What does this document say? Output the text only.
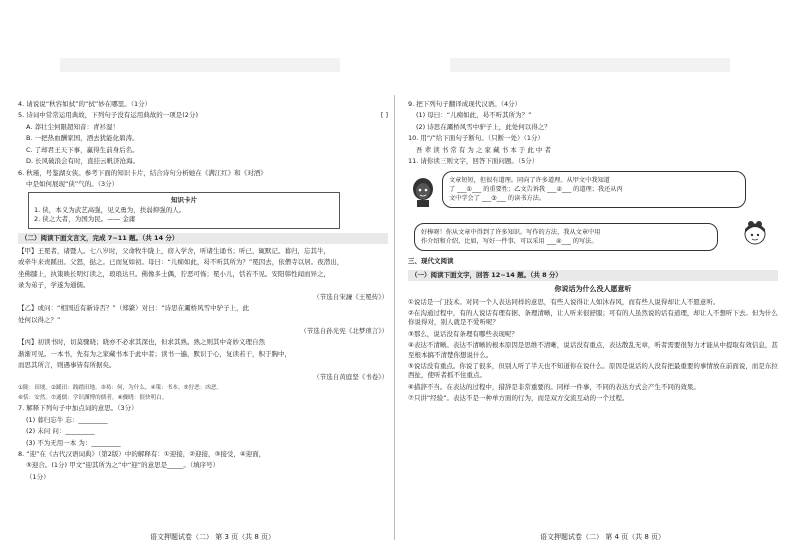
4. 请说说“秋容如拭”的“拭”妙在哪里。（1分）
5. 诗词中常常运用典故，下列句子没有运用典故的一项是(2分)	[ ]
A. 莽壮尘何限超知音：青衫湿！
B. 一把热血酬家国，洒去犹能化碧涛。
C. 了却君王天下事，赢得生前身后名。
D. 长风破浪会有时，直挂云帆济沧海。
6. 秋瑾，号鉴湖女侠。参考下面的知识卡片，结合诗句分析她在《满江红》和《对酒》
中是如何展现“侠”气的。（3分）
知识卡片
1. 侠，本义为武艺高强，见义勇为，扶弱抑强的人。
2. 侠之大者，为国为民。—— 金庸
（二）阅读下面文言文，完成 7~11 题。（共 14 分）
【甲】王冕者，诸暨人。七八岁时，父命牧牛陇上，窃入学舍，听诸生诵书；听已，辄默记。暮归，忘其牛，
或牵牛来责蹊田。父怒，挞之。已而复如初。母曰：“儿痴如此，曷不听其所为？”冕因去，依僧寺以居。夜潜出，
坐佛膝上，执策映长明灯读之，琅琅达旦。佛像多土偶，狞恶可怖；冕小儿，恬若不见。安阳韩性闻而异之，
录为弟子，学遂为通儒。
（节选自宋濂《王冕传》）
【乙】或问：“相国近有新诗否？”（郑綮）对曰：“诗思在灞桥风雪中驴子上，此
处何以得之？”
（节选自孙光宪《北梦琐言》）
【丙】初读书时，切莫骤晓；晓亦不必求其深也，但求其熟。熟之则其中奇妙义理自然
渐渐可见。一本书，先有为之家藏书本于此中者；读书一遍，默识于心，复读若干，积于胸中，
而思其所言，则遇事皆有所据矣。
（节选自黄庭坚《书卷》）
①陇：田埂。②蹊田：践踏田地。③曷：何，为什么。④策：书本。⑤狞恶：凶恶。
⑥恬：安然。⑦通儒：学识渊博的儒者。⑧骤晓：很快明白。
7. 解释下列句子中加点词的意思。（3分）
(1) 暮归忘牛 忘：_________
(2) 未问 问：_________
(3) 不为无用一本 为：_________
8. “迎”在《古代汉语词典》（第2版）中的解释有：①迎接，②迎接，③接受，④迎面，
⑤迎合。(1分) 甲文“迎其所为之”中“迎”的意思是_____。（填序号）
（1分）
语文押题试卷（二） 第 3 页（共 8 页）
9. 把下列句子翻译成现代汉语。（4分）
(1) 母曰：“儿痴如此，曷不听其所为？”
(2) 诗思在灞桥风雪中驴子上，此处何以得之？
10. 用“/”给下面句子断句。（只断一处）（1分）
吾 辈 读 书 常 有 为 之 家 藏 书 本 于 此 中 者
11. 请你读三则文字，回答下面问题。（5分）
文章短短，但很有道理。同向了许多道理。从甲文中我知道
了 ___①___ 的重要性；乙文告诉我 ___②___ 的道理；我还从丙
文中学会了 ___③___ 的读书方法。
好棒呀！你从文章中得到了许多知识。写作的方法，我从文章中用
作介绍和介绍，比如，写好一件事，可以采用 ___④___ 的写法。
三、现代文阅读
（一）阅读下面文字，回答 12~14 题。（共 8 分）
你说话为什么没人愿意听
①说话是一门技术。对同一个人表达同样的意思，有些人说得让人如沐春风，而有些人说得却让人不愿意听。
②在沟通过程中，有的人说话有理有据、条理清晰，让人听来很舒服；可有的人虽然说的话有道理，却让人不想听下去。但为什么你说得对，别人就是不爱听呢？
③那么，说话没有条理有哪些表现呢？
④表达不清晰。表达不清晰的根本原因是思维不清晰，说话没有重点，表达散乱无章，听者需要很努力才能从中提取有效信息，甚至根本搞不清楚你想说什么。
⑤说话没有重点。你说了很多，但别人听了半天也不知道你在说什么。原因是说话的人没有把最重要的事情放在前面说，而是东拉西扯，使听者抓不住重点。
⑥措辞不当。在表达的过程中，措辞是非常重要的。同样一件事，不同的表达方式会产生不同的效果。
⑦只讲“经验”。表达不是一种单方面的行为，而是双方交流互动的一个过程。
语文押题试卷（二） 第 4 页（共 8 页）
